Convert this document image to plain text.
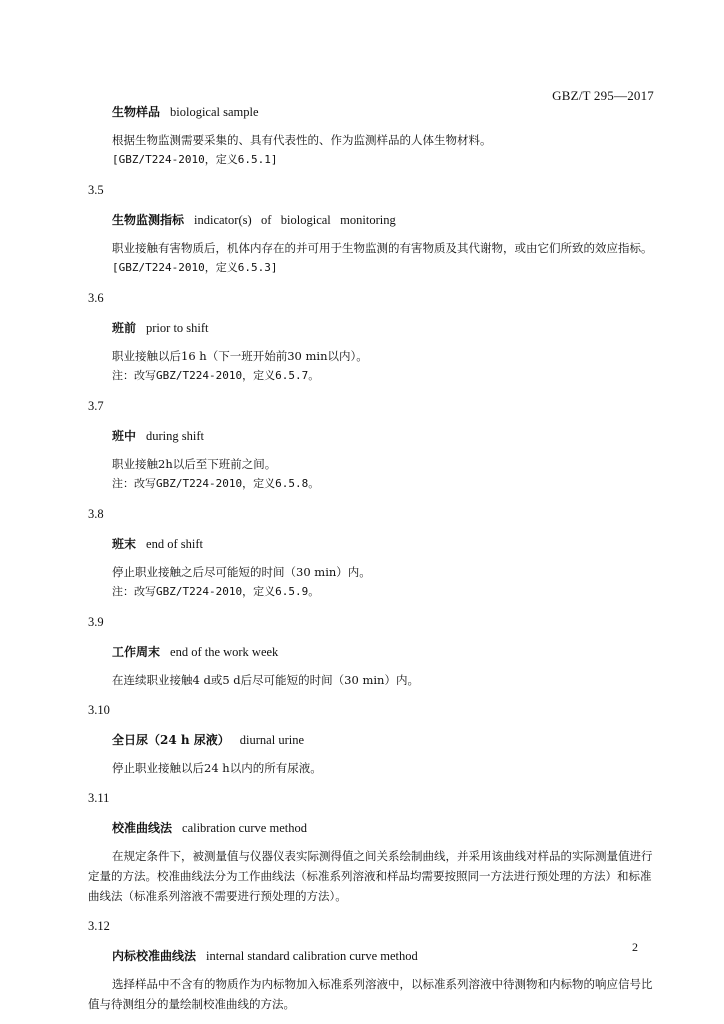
GBZ/T 295—2017
生物样品 biological sample

根据生物监测需要采集的、具有代表性的、作为监测样品的人体生物材料。

[GBZ/T224-2010，定义6.5.1]

3.5
生物监测指标 indicator(s)   of   biological   monitoring

职业接触有害物质后，机体内存在的并可用于生物监测的有害物质及其代谢物，或由它们所致的效应指标。

[GBZ/T224-2010，定义6.5.3]

3.6
班前 prior to shift

职业接触以后16 h（下一班开始前30 min以内）。

注：改写GBZ/T224-2010，定义6.5.7。

3.7
班中 during shift

职业接触2h以后至下班前之间。

注：改写GBZ/T224-2010，定义6.5.8。

3.8
班末 end of shift

停止职业接触之后尽可能短的时间（30 min）内。

注：改写GBZ/T224-2010，定义6.5.9。

3.9
工作周末 end of the work week

在连续职业接触4 d或5 d后尽可能短的时间（30 min）内。

3.10
全日尿（24 h 尿液） diurnal urine

停止职业接触以后24 h以内的所有尿液。

3.11
校准曲线法 calibration curve method

在规定条件下，被测量值与仪器仪表实际测得值之间关系绘制曲线，并采用该曲线对样品的实际测量值进行定量的方法。校准曲线法分为工作曲线法（标准系列溶液和样品均需要按照同一方法进行预处理的方法）和标准曲线法（标准系列溶液不需要进行预处理的方法）。

3.12
内标校准曲线法 internal standard calibration curve method

选择样品中不含有的物质作为内标物加入标准系列溶液中，以标准系列溶液中待测物和内标物的响应信号比值与待测组分的量绘制校准曲线的方法。

2
